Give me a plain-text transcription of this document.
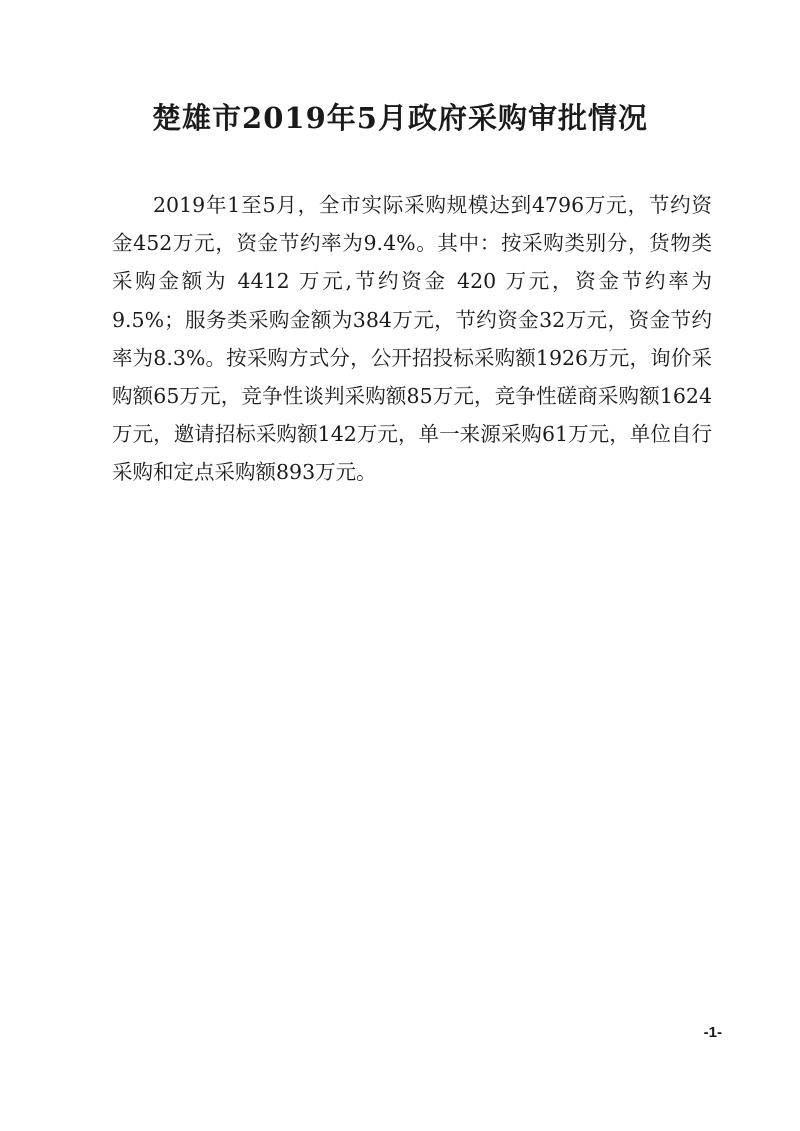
楚雄市2019年5月政府采购审批情况

2019年1至5月，全市实际采购规模达到4796万元，节约资金452万元，资金节约率为9.4%。其中：按采购类别分，货物类采购金额为 4412 万元,节约资金 420 万元，资金节约率为9.5%；服务类采购金额为384万元，节约资金32万元，资金节约率为8.3%。按采购方式分，公开招投标采购额1926万元，询价采购额65万元，竞争性谈判采购额85万元，竞争性磋商采购额1624万元，邀请招标采购额142万元，单一来源采购61万元，单位自行采购和定点采购额893万元。

-1-
